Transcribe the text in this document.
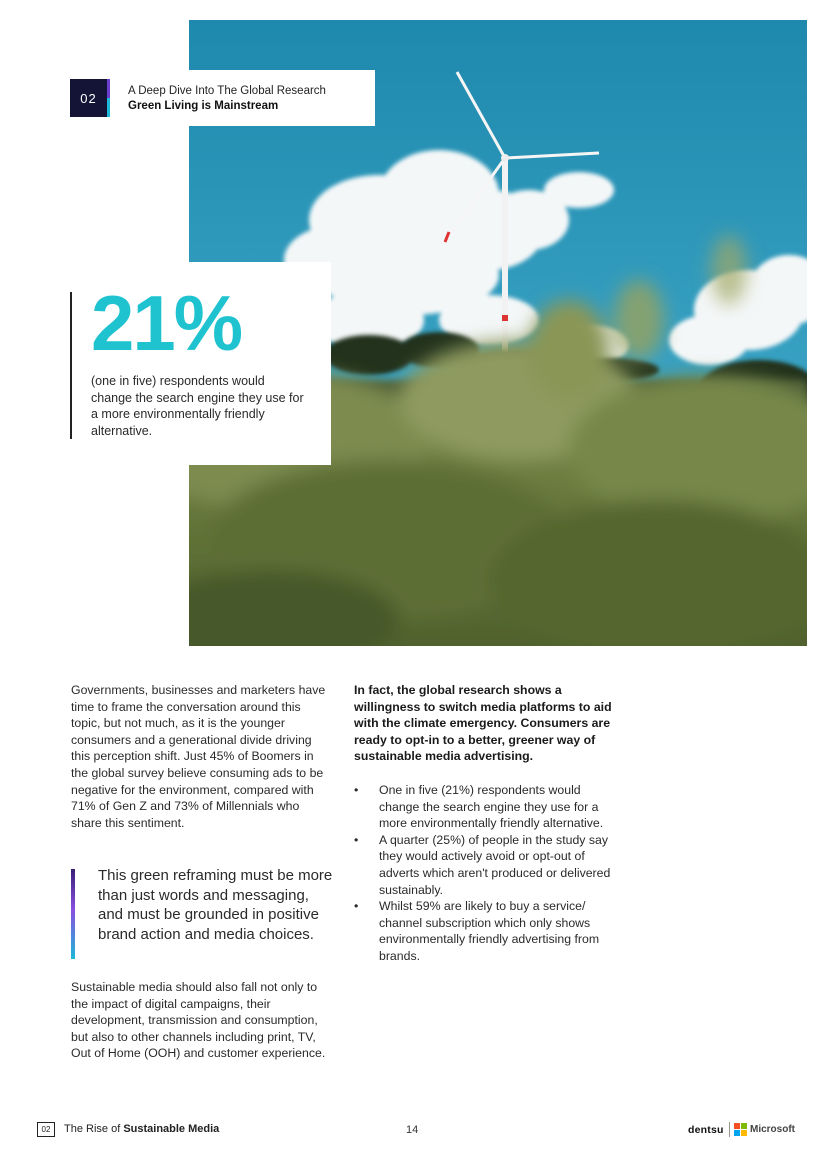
02	A Deep Dive Into The Global Research
Green Living is Mainstream
21%
(one in five) respondents would change the search engine they use for a more environmentally friendly alternative.

Governments, businesses and marketers have time to frame the conversation around this topic, but not much, as it is the younger consumers and a generational divide driving this perception shift. Just 45% of Boomers in the global survey believe consuming ads to be negative for the environment, compared with 71% of Gen Z and 73% of Millennials who share this sentiment.

This green reframing must be more than just words and messaging, and must be grounded in positive brand action and media choices.

Sustainable media should also fall not only to the impact of digital campaigns, their development, transmission and consumption, but also to other channels including print, TV, Out of Home (OOH) and customer experience.

In fact, the global research shows a willingness to switch media platforms to aid with the climate emergency. Consumers are ready to opt-in to a better, greener way of sustainable media advertising.

• One in five (21%) respondents would change the search engine they use for a more environmentally friendly alternative.
• A quarter (25%) of people in the study say they would actively avoid or opt-out of adverts which aren't produced or delivered sustainably.
• Whilst 59% are likely to buy a service/ channel subscription which only shows environmentally friendly advertising from brands.
02	The Rise of Sustainable Media	14	dentsu	Microsoft
